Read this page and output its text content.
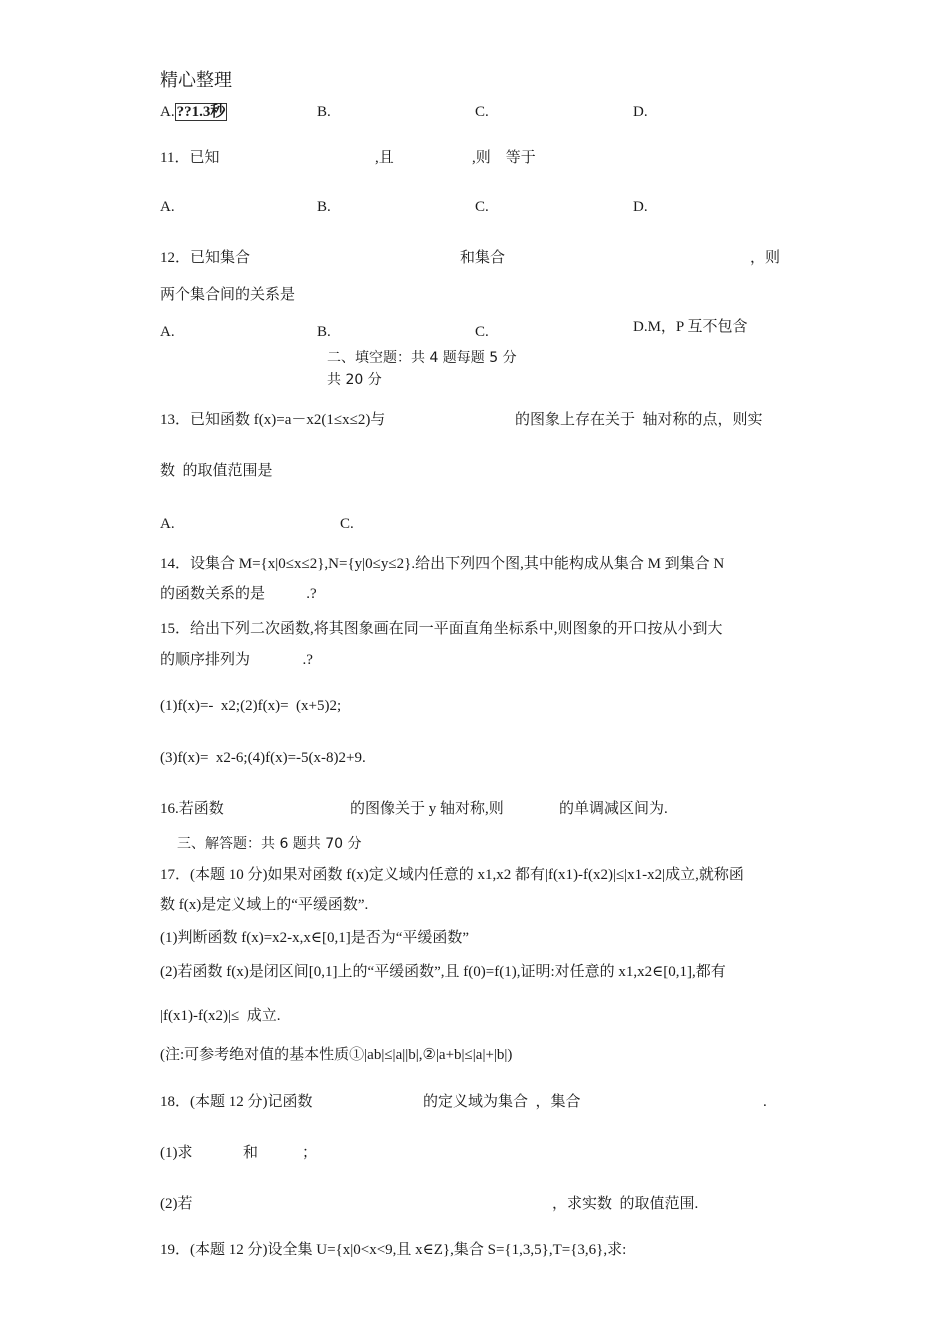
精心整理
A. ??1.3秒	B.	C.	D.
11．已知	,且	,则　等于
A.	B.	C.	D.
12．已知集合	和集合	，则
两个集合间的关系是
A.	B.	C.	D.M，P 互不包含
二、填空题：共 4 题每题 5 分
共 20 分
13．已知函数 f(x)=a－x2(1≤x≤2)与	的图象上存在关于  轴对称的点，则实
数  的取值范围是
A.	C.
14．设集合 M={x|0≤x≤2},N={y|0≤y≤2}.给出下列四个图,其中能构成从集合 M 到集合 N
的函数关系的是           .?
15．给出下列二次函数,将其图象画在同一平面直角坐标系中,则图象的开口按从小到大
的顺序排列为              .?
(1)f(x)=-  x2;(2)f(x)=  (x+5)2;
(3)f(x)=  x2-6;(4)f(x)=-5(x-8)2+9.
16.若函数	的图像关于 y 轴对称,则	的单调减区间为.
三、解答题：共 6 题共 70 分
17．(本题 10 分)如果对函数 f(x)定义域内任意的 x1,x2 都有|f(x1)-f(x2)|≤|x1-x2|成立,就称函
数 f(x)是定义域上的“平缓函数”.
(1)判断函数 f(x)=x2-x,x∈[0,1]是否为“平缓函数”
(2)若函数 f(x)是闭区间[0,1]上的“平缓函数”,且 f(0)=f(1),证明:对任意的 x1,x2∈[0,1],都有
|f(x1)-f(x2)|≤  成立.
(注:可参考绝对值的基本性质①|ab|≤|a||b|,②|a+b|≤|a|+|b|)
18．(本题 12 分)记函数	的定义域为集合  ，集合	.
(1)求	和	；
(2)若	，求实数  的取值范围.
19．(本题 12 分)设全集 U={x|0<x<9,且 x∈Z},集合 S={1,3,5},T={3,6},求:
